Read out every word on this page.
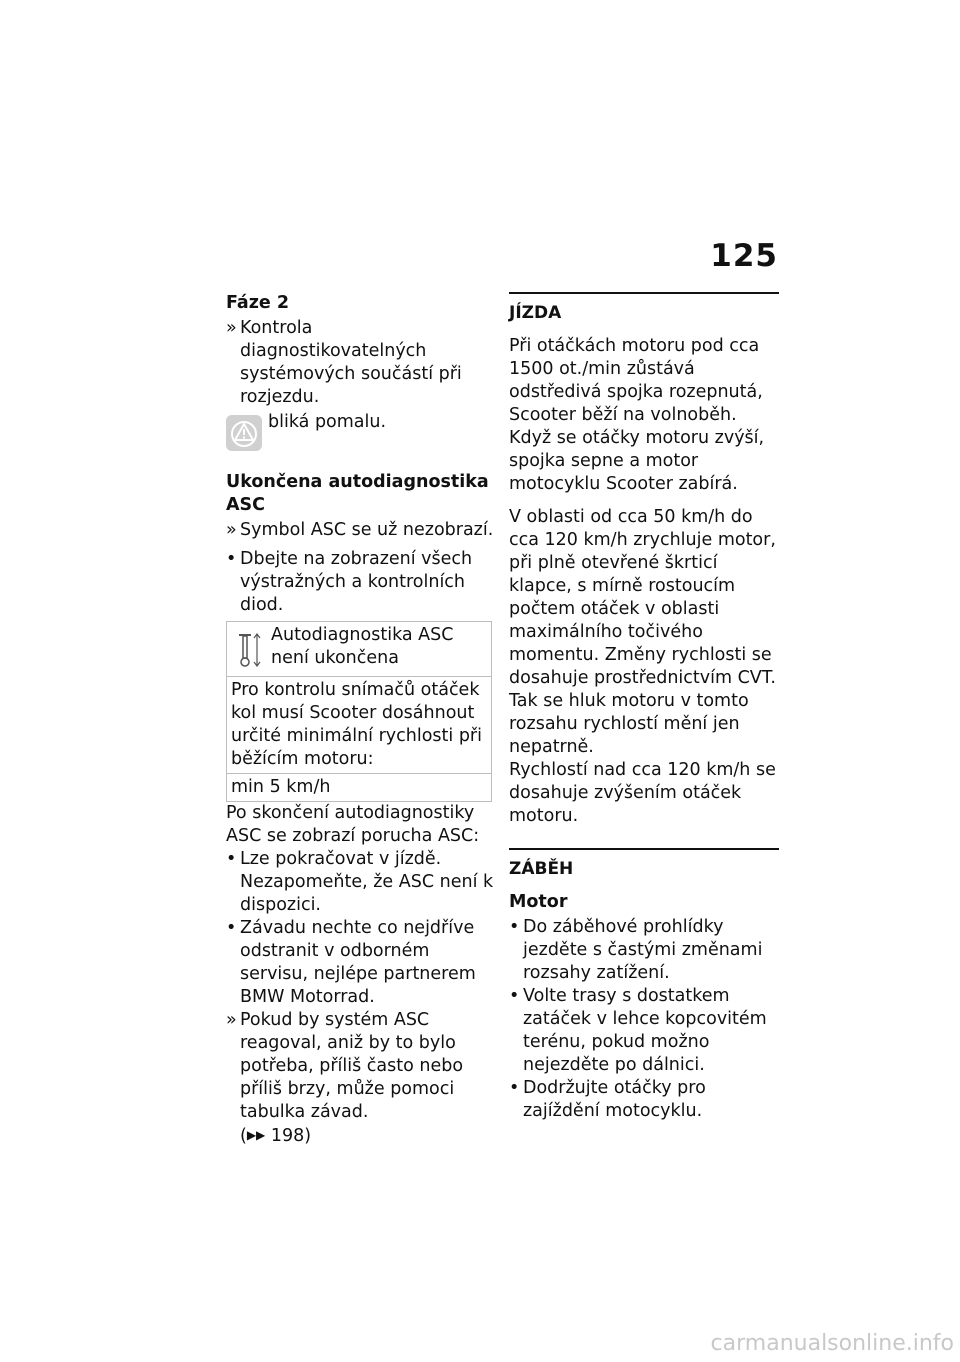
125
Fáze 2
» Kontrola diagnostikovatelných systémových součástí při rozjezdu.
bliká pomalu.
Ukončena autodiagnostika ASC
» Symbol ASC se už nezobrazí.
• Dbejte na zobrazení všech výstražných a kontrolních diod.
Autodiagnostika ASC není ukončena
Pro kontrolu snímačů otáček kol musí Scooter dosáhnout určité minimální rychlosti při běžícím motoru:
min 5 km/h

Po skončení autodiagnostiky ASC se zobrazí porucha ASC:

• Lze pokračovat v jízdě. Nezapomeňte, že ASC není k dispozici.
• Závadu nechte co nejdříve odstranit v odborném servisu, nejlépe partnerem BMW Motorrad.
» Pokud by systém ASC reagoval, aniž by to bylo potřeba, příliš často nebo příliš brzy, může pomoci tabulka závad.
(▶▶ 198)
JÍZDA

Při otáčkách motoru pod cca 1500 ot./min zůstává odstředivá spojka rozepnutá, Scooter běží na volnoběh. Když se otáčky motoru zvýší, spojka sepne a motor motocyklu Scooter zabírá.

V oblasti od cca 50 km/h do cca 120 km/h zrychluje motor, při plně otevřené škrticí klapce, s mírně rostoucím počtem otáček v oblasti maximálního točivého momentu. Změny rychlosti se dosahuje prostřednictvím CVT. Tak se hluk motoru v tomto rozsahu rychlostí mění jen nepatrně.

Rychlostí nad cca 120 km/h se dosahuje zvýšením otáček motoru.

ZÁBĚH
Motor
• Do záběhové prohlídky jezděte s častými změnami rozsahy zatížení.
• Volte trasy s dostatkem zatáček v lehce kopcovitém terénu, pokud možno nejezděte po dálnici.
• Dodržujte otáčky pro zajíždění motocyklu.
carmanualsonline.info
